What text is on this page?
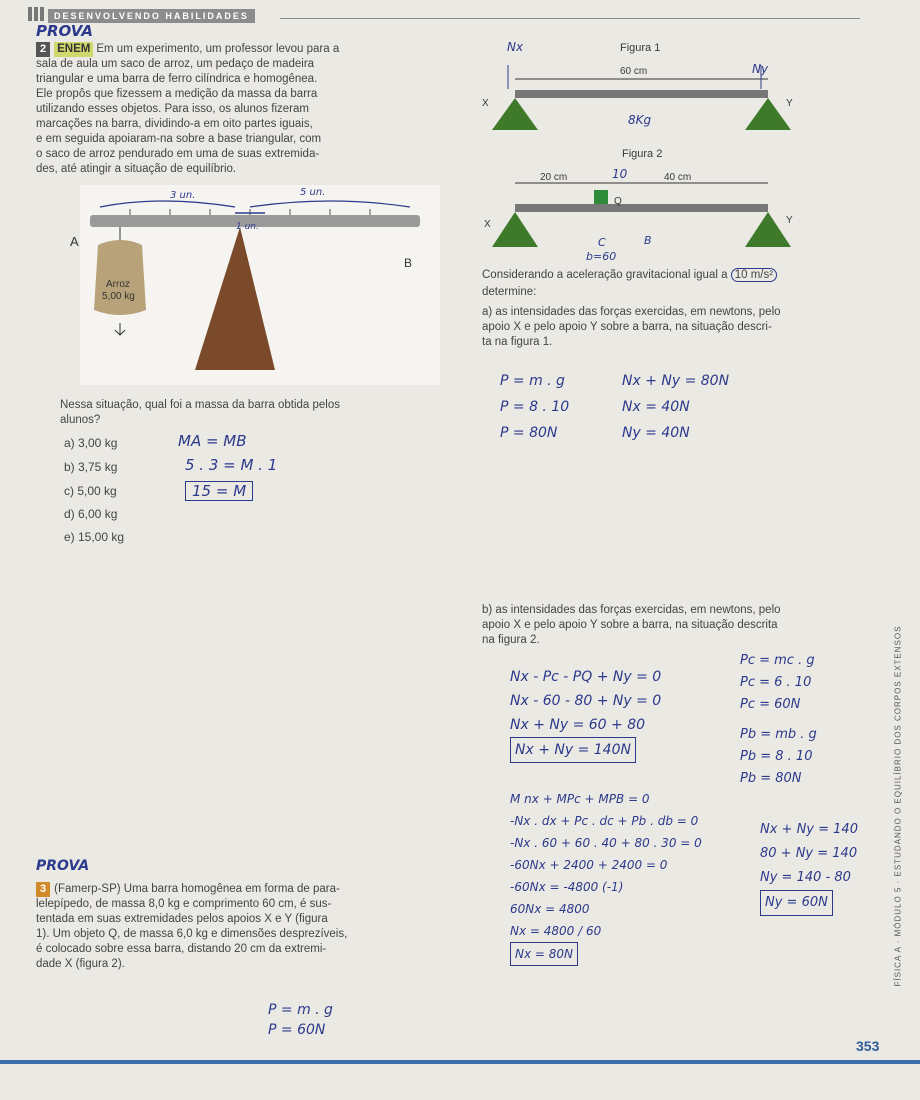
DESENVOLVENDO HABILIDADES
PROVA
2 ENEM Em um experimento, um professor levou para a
sala de aula um saco de arroz, um pedaço de madeira
triangular e uma barra de ferro cilíndrica e homogênea.
Ele propôs que fizessem a medição da massa da barra
utilizando esses objetos. Para isso, os alunos fizeram
marcações na barra, dividindo-a em oito partes iguais,
e em seguida apoiaram-na sobre a base triangular, com
o saco de arroz pendurado em uma de suas extremida-
des, até atingir a situação de equilíbrio.
3 un.	5 un.
1 un.
Arroz
5,00 kg
A
B
Nessa situação, qual foi a massa da barra obtida pelos
alunos?
a) 3,00 kg
b) 3,75 kg
c) 5,00 kg
d) 6,00 kg
e) 15,00 kg
MA = MB
5 . 3 = M . 1
15 = M
Figura 1
Nx
Ny
60 cm
X	Y
8Kg
Figura 2
20 cm	10	40 cm
Q
X	Y
C	B
b=60
Considerando a aceleração gravitacional igual a 10 m/s²
determine:
a) as intensidades das forças exercidas, em newtons, pelo
apoio X e pelo apoio Y sobre a barra, na situação descri-
ta na figura 1.
P = m . g
P = 8 . 10
P = 80N
Nx + Ny = 80N
Nx = 40N
Ny = 40N
b) as intensidades das forças exercidas, em newtons, pelo
apoio X e pelo apoio Y sobre a barra, na situação descrita
na figura 2.
Nx - Pc - PQ + Ny = 0
Nx - 60 - 80 + Ny = 0
Nx + Ny = 60 + 80
Nx + Ny = 140N
Pc = mc . g
Pc = 6 . 10
Pc = 60N
Pb = mb . g
Pb = 8 . 10
Pb = 80N
M nx + MPc + MPB = 0
-Nx . dx + Pc . dc + Pb . db = 0
-Nx . 60 + 60 . 40 + 80 . 30 = 0
-60Nx + 2400 + 2400 = 0
-60Nx = -4800 (-1)
60Nx = 4800
Nx = 4800 / 60
Nx = 80N
Nx + Ny = 140
80 + Ny = 140
Ny = 140 - 80
Ny = 60N
PROVA
3 (Famerp-SP) Uma barra homogênea em forma de para-
lelepípedo, de massa 8,0 kg e comprimento 60 cm, é sus-
tentada em suas extremidades pelos apoios X e Y (figura
1). Um objeto Q, de massa 6,0 kg e dimensões desprezíveis,
é colocado sobre essa barra, distando 20 cm da extremi-
dade X (figura 2).
P = m . g
P = 60N
FÍSICA A · MÓDULO 5 · ESTUDANDO O EQUILÍBRIO DOS CORPOS EXTENSOS
353
